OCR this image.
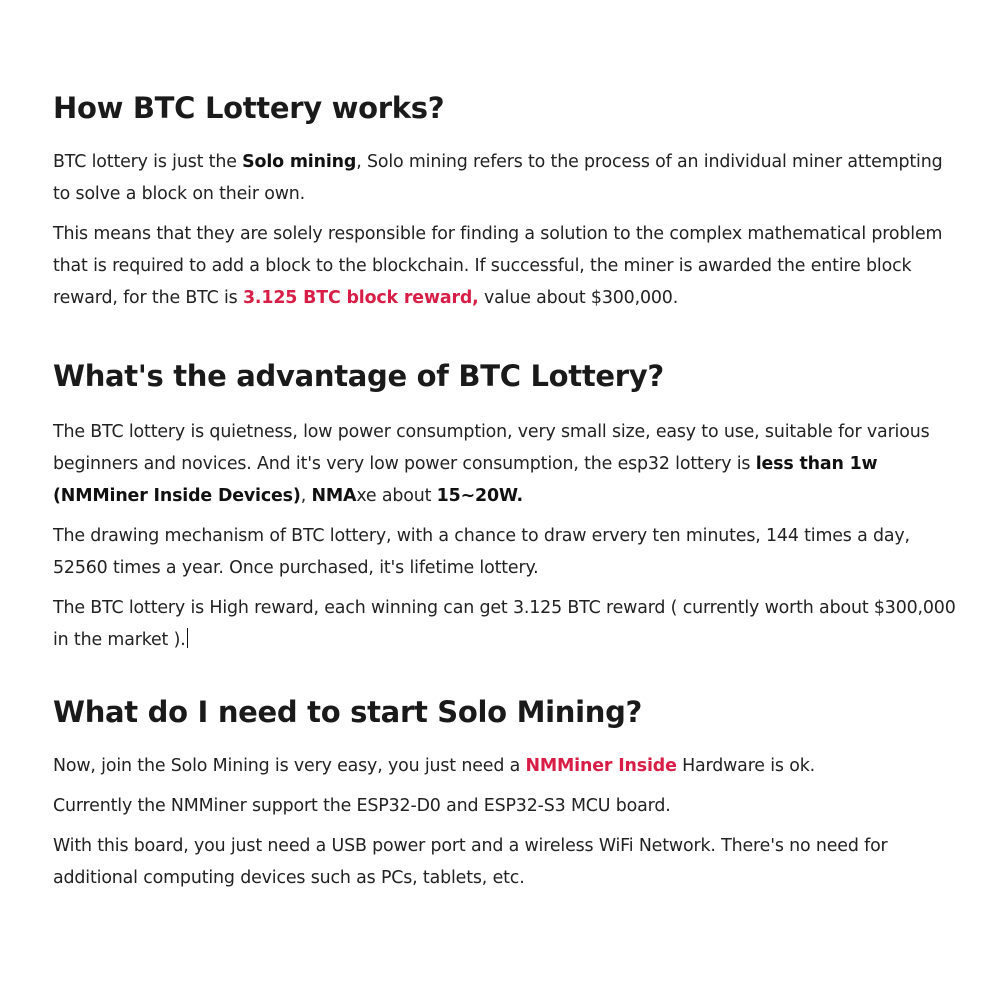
How BTC Lottery works?

BTC lottery is just the Solo mining, Solo mining refers to the process of an individual miner attempting to solve a block on their own.

This means that they are solely responsible for finding a solution to the complex mathematical problem that is required to add a block to the blockchain. If successful, the miner is awarded the entire block reward, for the BTC is 3.125 BTC block reward, value about $300,000.

What's the advantage of BTC Lottery?

The BTC lottery is quietness, low power consumption, very small size, easy to use, suitable for various beginners and novices. And it's very low power consumption, the esp32 lottery is less than 1w (NMMiner Inside Devices), NMAxe about 15~20W.

The drawing mechanism of BTC lottery, with a chance to draw ervery ten minutes, 144 times a day, 52560 times a year. Once purchased, it's lifetime lottery.

The BTC lottery is High reward, each winning can get 3.125 BTC reward ( currently worth about $300,000 in the market ).

What do I need to start Solo Mining?

Now, join the Solo Mining is very easy, you just need a NMMiner Inside Hardware is ok.

Currently the NMMiner support the ESP32-D0 and ESP32-S3 MCU board.

With this board, you just need a USB power port and a wireless WiFi Network. There's no need for additional computing devices such as PCs, tablets, etc.
